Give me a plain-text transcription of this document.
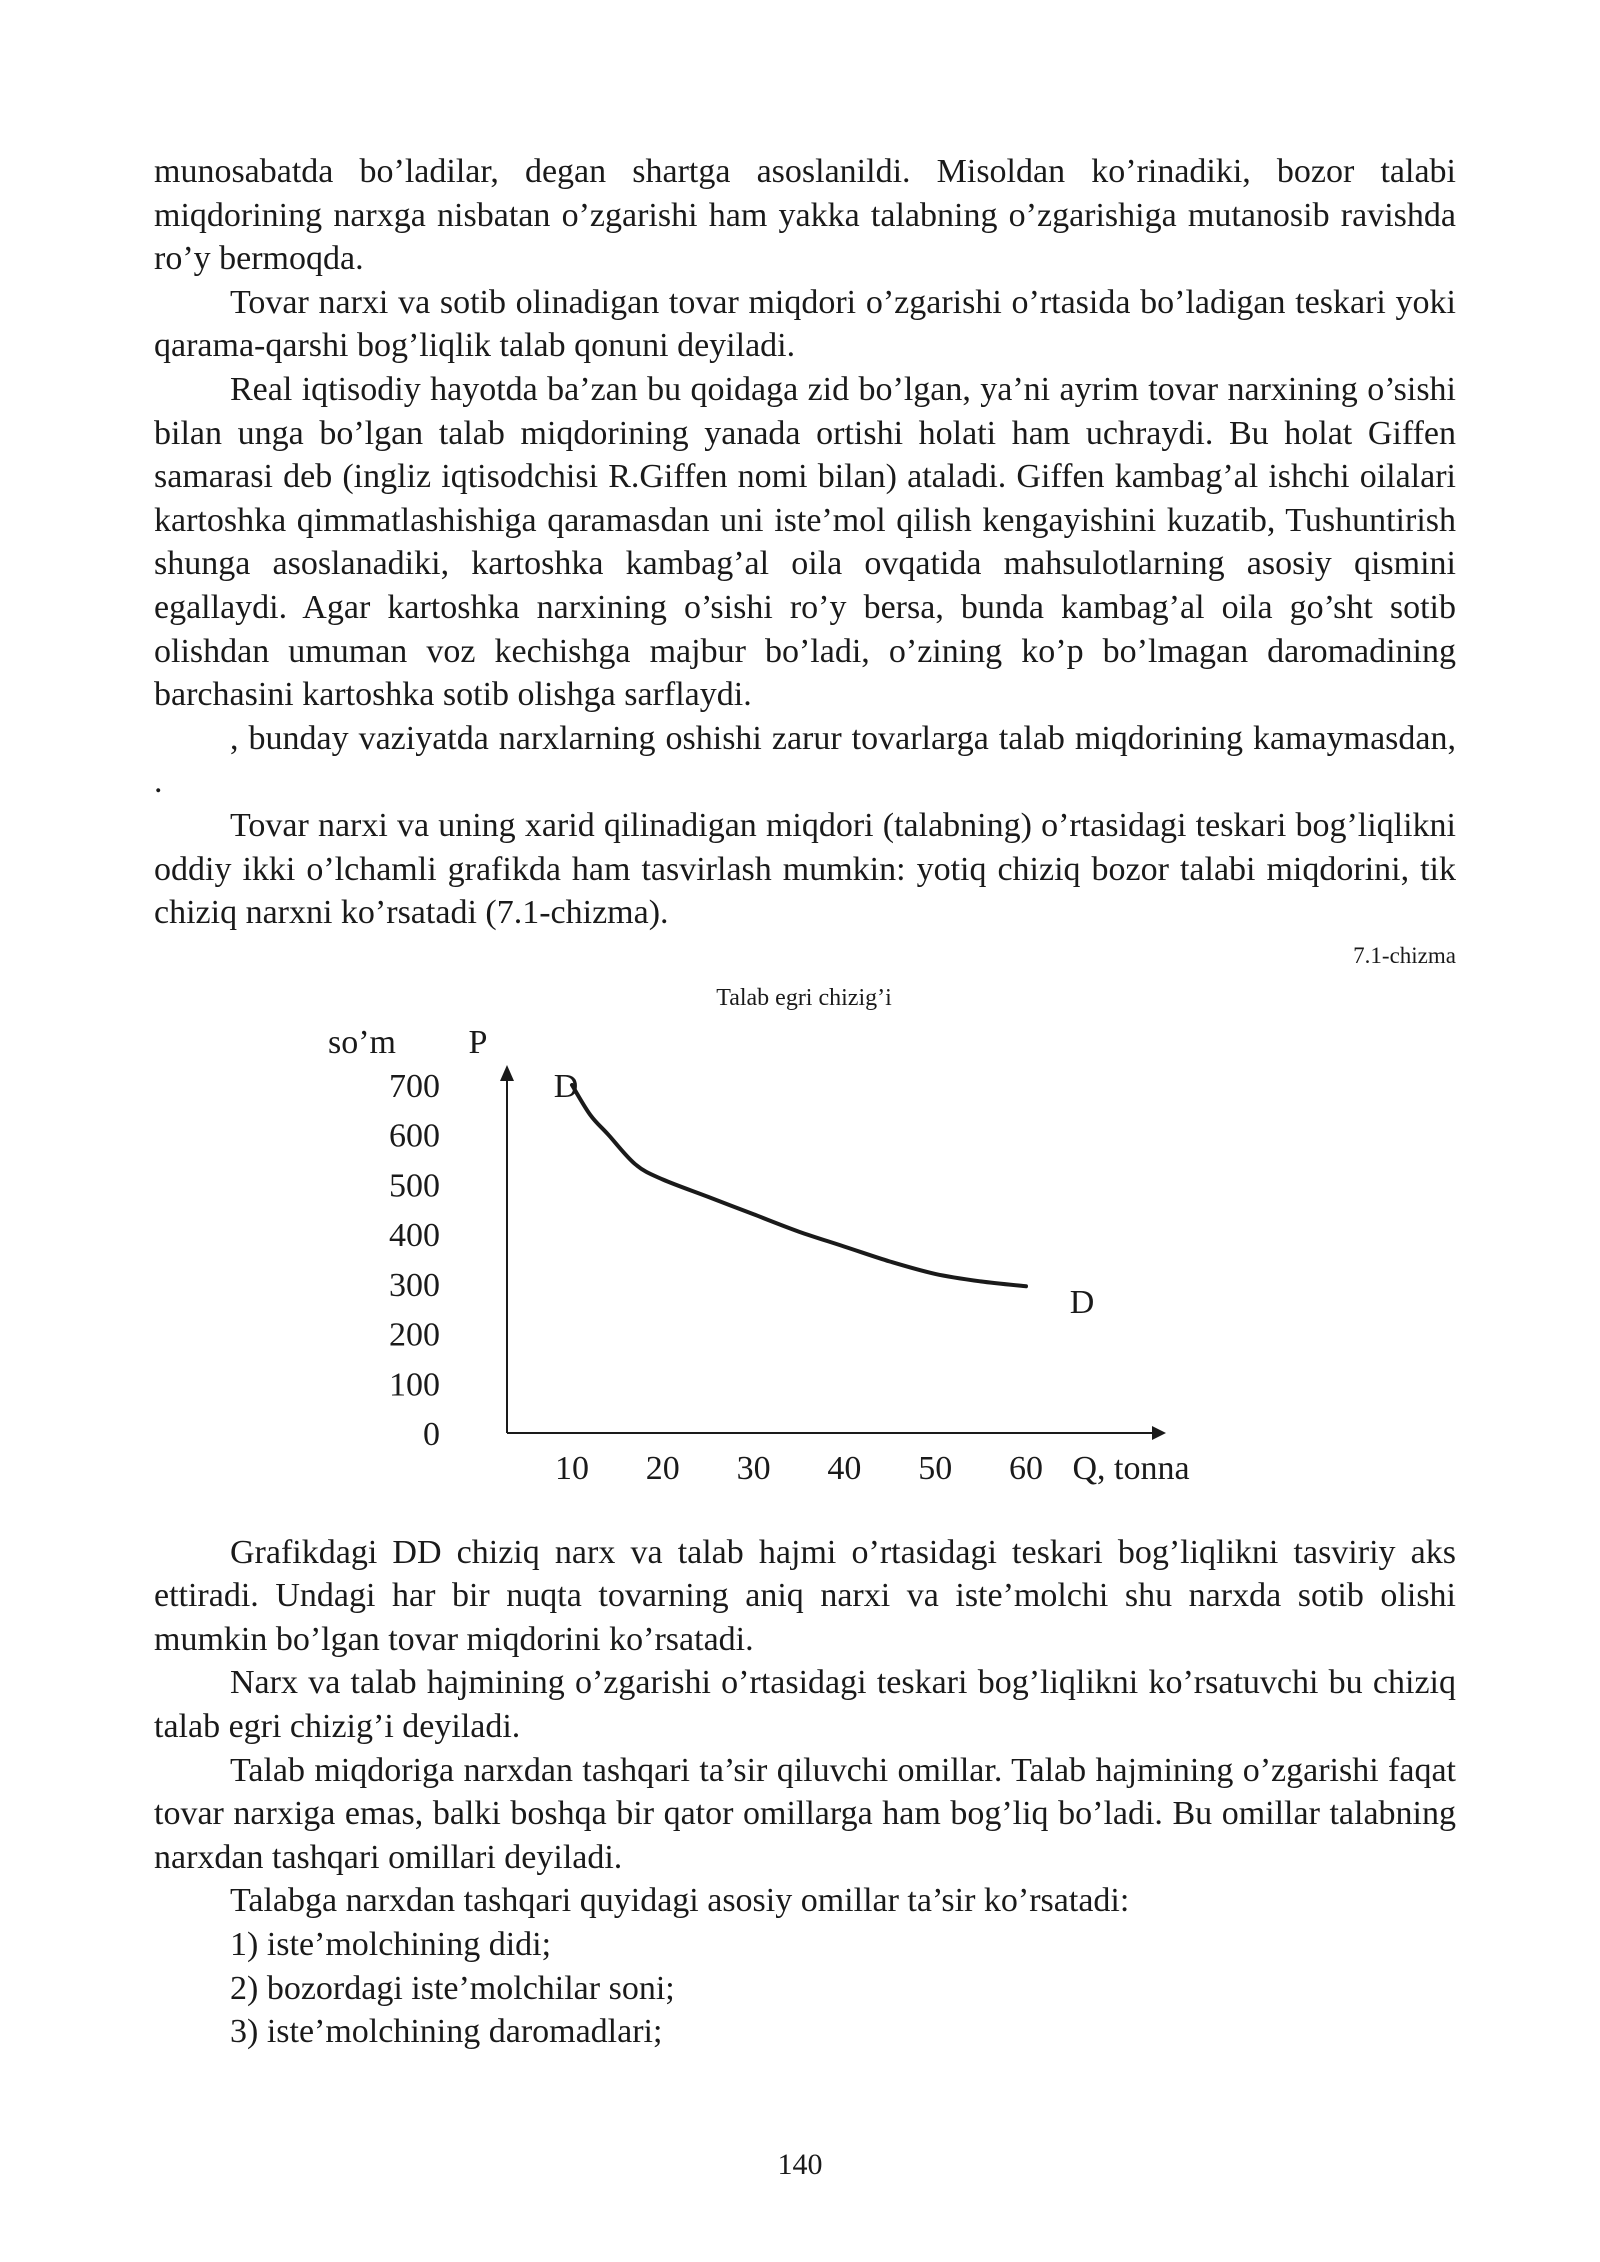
munosabatda bo’ladilar, degan shartga asoslanildi. Misoldan ko’rinadiki, bozor talabi miqdorining narxga nisbatan o’zgarishi ham yakka talabning o’zgarishiga mutanosib ravishda ro’y bermoqda.

Tovar narxi va sotib olinadigan tovar miqdori o’zgarishi o’rtasida bo’ladigan teskari yoki qarama-qarshi bog’liqlik talab qonuni deyiladi.

Real iqtisodiy hayotda ba’zan bu qoidaga zid bo’lgan, ya’ni ayrim tovar narxining o’sishi bilan unga bo’lgan talab miqdorining yanada ortishi holati ham uchraydi. Bu holat Giffen samarasi deb (ingliz iqtisodchisi R.Giffen nomi bilan) ataladi. Giffen kambag’al ishchi oilalari kartoshka qimmatlashishiga qaramasdan uni iste’mol qilish kengayishini kuzatib, Tushuntirish shunga asoslanadiki, kartoshka kambag’al oila ovqatida mahsulotlarning asosiy qismini egallaydi. Agar kartoshka narxining o’sishi ro’y bersa, bunda kambag’al oila go’sht sotib olishdan umuman voz kechishga majbur bo’ladi, o’zining ko’p bo’lmagan daromadining barchasini kartoshka sotib olishga sarflaydi.

, bunday vaziyatda narxlarning oshishi zarur tovarlarga talab miqdorining kamaymasdan, .

Tovar narxi va uning xarid qilinadigan miqdori (talabning) o’rtasidagi teskari bog’liqlikni oddiy ikki o’lchamli grafikda ham tasvirlash mumkin: yotiq chiziq bozor talabi miqdorini, tik chiziq narxni ko’rsatadi (7.1-chizma).

7.1-chizma
Talab egri chizig’i
so’m P
Q, tonna
700
600
500
400
300
200
100
0
10 20 30 40 50 60
D
D

Grafikdagi DD chiziq narx va talab hajmi o’rtasidagi teskari bog’liqlikni tasviriy aks ettiradi. Undagi har bir nuqta tovarning aniq narxi va iste’molchi shu narxda sotib olishi mumkin bo’lgan tovar miqdorini ko’rsatadi.

Narx va talab hajmining o’zgarishi o’rtasidagi teskari bog’liqlikni ko’rsatuvchi bu chiziq talab egri chizig’i deyiladi.

Talab miqdoriga narxdan tashqari ta’sir qiluvchi omillar. Talab hajmining o’zgarishi faqat tovar narxiga emas, balki boshqa bir qator omillarga ham bog’liq bo’ladi. Bu omillar talabning narxdan tashqari omillari deyiladi.

Talabga narxdan tashqari quyidagi asosiy omillar ta’sir ko’rsatadi:

1) iste’molchining didi;

2) bozordagi iste’molchilar soni;

3) iste’molchining daromadlari;

140
